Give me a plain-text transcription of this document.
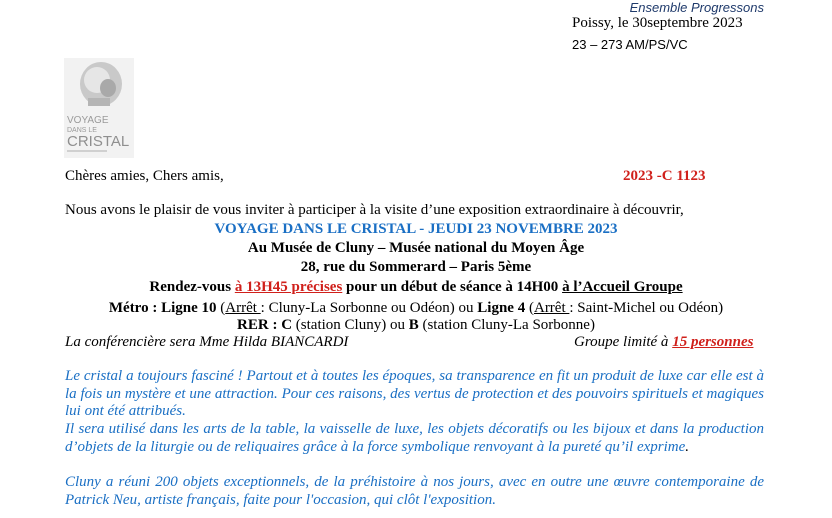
Ensemble Progressons
Poissy, le 30septembre 2023
23 – 273 AM/PS/VC
VOYAGE
DANS LE
CRISTAL
Chères amies, Chers amis,	2023 -C 1123
Nous avons le plaisir de vous inviter à participer à la visite d’une exposition extraordinaire à découvrir,
VOYAGE DANS LE CRISTAL - JEUDI 23 NOVEMBRE 2023
Au Musée de Cluny – Musée national du Moyen Âge
28, rue du Sommerard – Paris 5ème
Rendez-vous à 13H45 précises pour un début de séance à 14H00 à l’Accueil Groupe
Métro : Ligne 10 (Arrêt : Cluny-La Sorbonne ou Odéon) ou Ligne 4 (Arrêt : Saint-Michel ou Odéon)
RER : C (station Cluny) ou B (station Cluny-La Sorbonne)
La conférencière sera Mme Hilda BIANCARDI	Groupe limité à 15 personnes

Le cristal a toujours fasciné ! Partout et à toutes les époques, sa transparence en fit un produit de luxe car elle est à la fois un mystère et une attraction. Pour ces raisons, des vertus de protection et des pouvoirs spirituels et magiques lui ont été attribués.

Il sera utilisé dans les arts de la table, la vaisselle de luxe, les objets décoratifs ou les bijoux et dans la production d’objets de la liturgie ou de reliquaires grâce à la force symbolique renvoyant à la pureté qu’il exprime.

Cluny a réuni 200 objets exceptionnels, de la préhistoire à nos jours, avec en outre une œuvre contemporaine de Patrick Neu, artiste français, faite pour l'occasion, qui clôt l'exposition.
